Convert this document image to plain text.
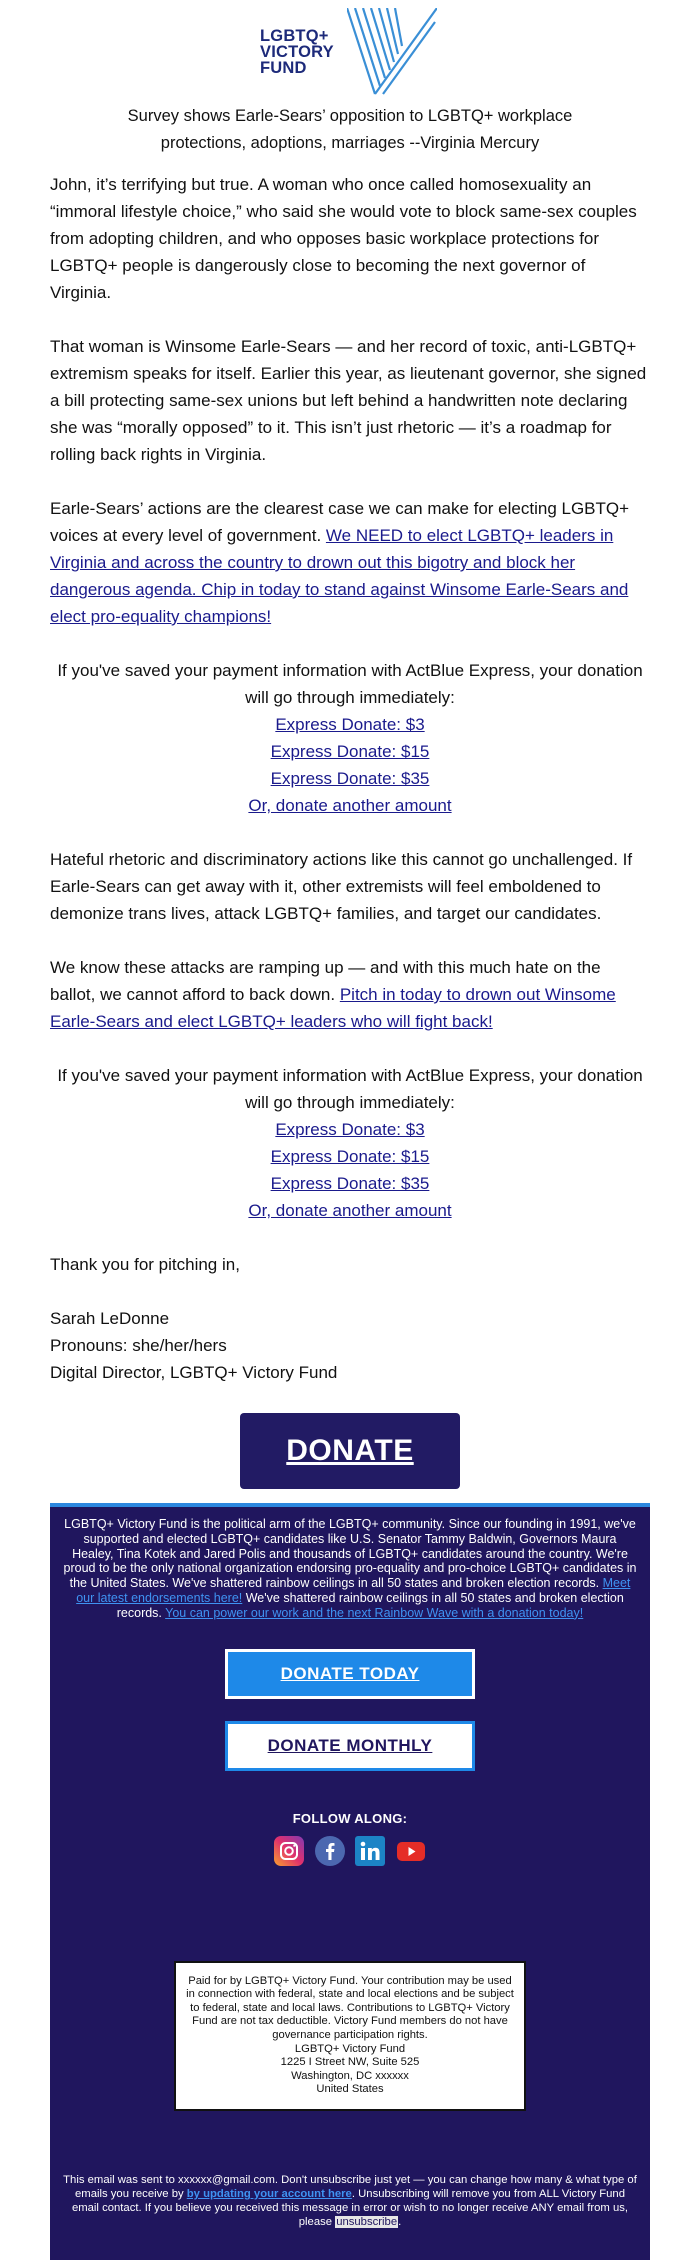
LGBTQ+
VICTORY
FUND
Survey shows Earle-Sears’ opposition to LGBTQ+ workplace protections, adoptions, marriages --Virginia Mercury

John, it’s terrifying but true. A woman who once called homosexuality an “immoral lifestyle choice,” who said she would vote to block same-sex couples from adopting children, and who opposes basic workplace protections for LGBTQ+ people is dangerously close to becoming the next governor of Virginia.

That woman is Winsome Earle-Sears — and her record of toxic, anti-LGBTQ+ extremism speaks for itself. Earlier this year, as lieutenant governor, she signed a bill protecting same-sex unions but left behind a handwritten note declaring she was “morally opposed” to it. This isn’t just rhetoric — it’s a roadmap for rolling back rights in Virginia.

Earle-Sears’ actions are the clearest case we can make for electing LGBTQ+ voices at every level of government. We NEED to elect LGBTQ+ leaders in Virginia and across the country to drown out this bigotry and block her dangerous agenda. Chip in today to stand against Winsome Earle-Sears and elect pro-equality champions!

If you've saved your payment information with ActBlue Express, your donation will go through immediately:
Express Donate: $3
Express Donate: $15
Express Donate: $35
Or, donate another amount

Hateful rhetoric and discriminatory actions like this cannot go unchallenged. If Earle-Sears can get away with it, other extremists will feel emboldened to demonize trans lives, attack LGBTQ+ families, and target our candidates.

We know these attacks are ramping up — and with this much hate on the ballot, we cannot afford to back down. Pitch in today to drown out Winsome Earle-Sears and elect LGBTQ+ leaders who will fight back!

If you've saved your payment information with ActBlue Express, your donation will go through immediately:
Express Donate: $3
Express Donate: $15
Express Donate: $35
Or, donate another amount

Thank you for pitching in,

Sarah LeDonne
Pronouns: she/her/hers
Digital Director, LGBTQ+ Victory Fund

DONATE
LGBTQ+ Victory Fund is the political arm of the LGBTQ+ community. Since our founding in 1991, we've supported and elected LGBTQ+ candidates like U.S. Senator Tammy Baldwin, Governors Maura Healey, Tina Kotek and Jared Polis and thousands of LGBTQ+ candidates around the country. We're proud to be the only national organization endorsing pro-equality and pro-choice LGBTQ+ candidates in the United States. We've shattered rainbow ceilings in all 50 states and broken election records. Meet our latest endorsements here! We've shattered rainbow ceilings in all 50 states and broken election records. You can power our work and the next Rainbow Wave with a donation today!
DONATE TODAY
DONATE MONTHLY
FOLLOW ALONG:

Paid for by LGBTQ+ Victory Fund. Your contribution may be used in connection with federal, state and local elections and be subject to federal, state and local laws. Contributions to LGBTQ+ Victory Fund are not tax deductible. Victory Fund members do not have governance participation rights.
LGBTQ+ Victory Fund
1225 I Street NW, Suite 525
Washington, DC xxxxxx
United States
This email was sent to xxxxxx@gmail.com. Don't unsubscribe just yet — you can change how many & what type of emails you receive by by updating your account here. Unsubscribing will remove you from ALL Victory Fund email contact. If you believe you received this message in error or wish to no longer receive ANY email from us, please unsubscribe.
